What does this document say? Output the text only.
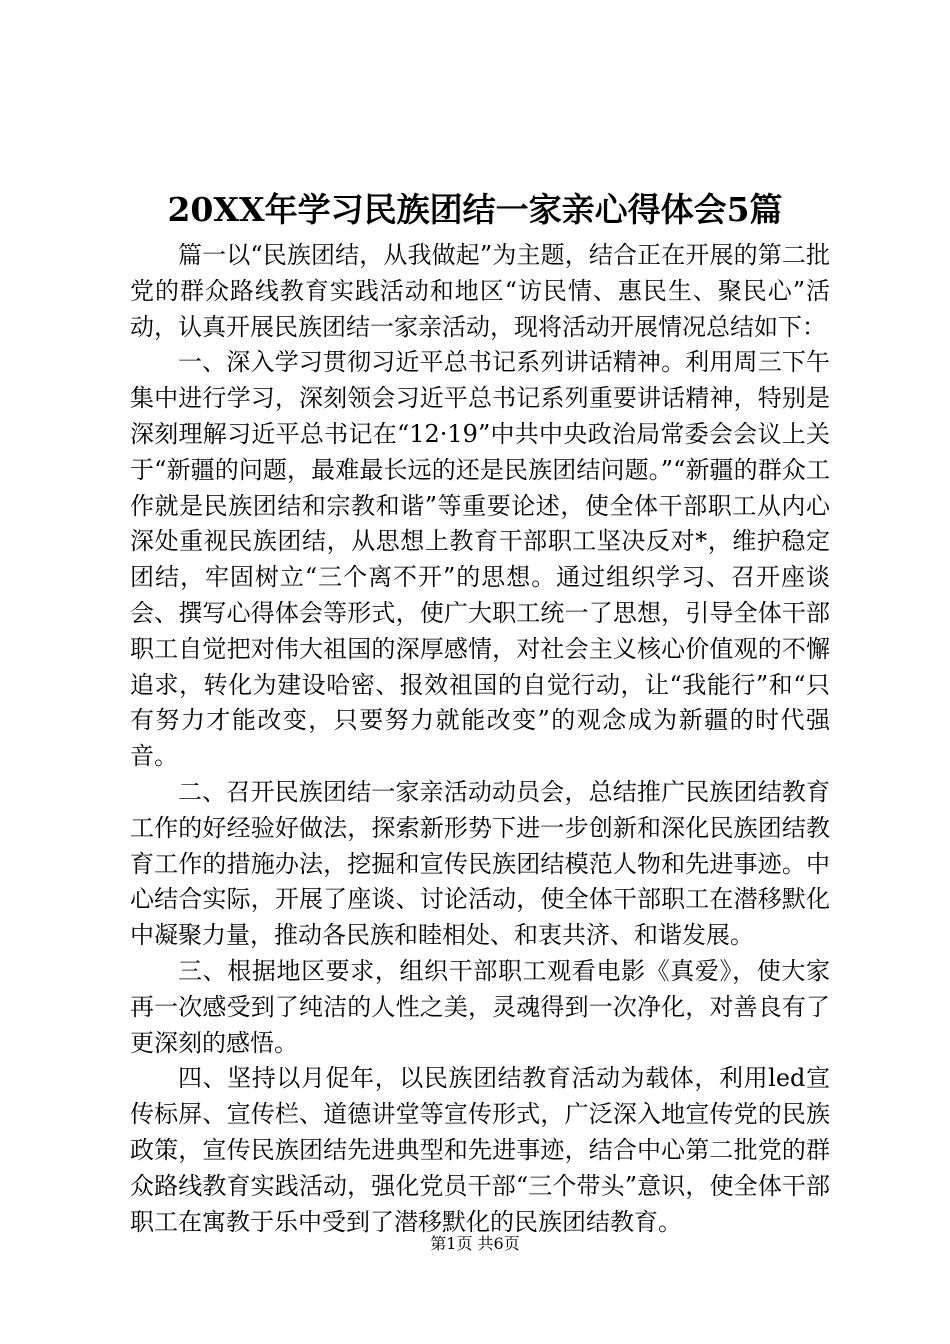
20XX年学习民族团结一家亲心得体会5篇

篇一以“民族团结，从我做起”为主题，结合正在开展的第二批党的群众路线教育实践活动和地区“访民情、惠民生、聚民心”活动，认真开展民族团结一家亲活动，现将活动开展情况总结如下：

一、深入学习贯彻习近平总书记系列讲话精神。利用周三下午集中进行学习，深刻领会习近平总书记系列重要讲话精神，特别是深刻理解习近平总书记在“12·19”中共中央政治局常委会会议上关于“新疆的问题，最难最长远的还是民族团结问题。”“新疆的群众工作就是民族团结和宗教和谐”等重要论述，使全体干部职工从内心深处重视民族团结，从思想上教育干部职工坚决反对*，维护稳定团结，牢固树立“三个离不开”的思想。通过组织学习、召开座谈会、撰写心得体会等形式，使广大职工统一了思想，引导全体干部职工自觉把对伟大祖国的深厚感情，对社会主义核心价值观的不懈追求，转化为建设哈密、报效祖国的自觉行动，让“我能行”和“只有努力才能改变，只要努力就能改变”的观念成为新疆的时代强音。

二、召开民族团结一家亲活动动员会，总结推广民族团结教育工作的好经验好做法，探索新形势下进一步创新和深化民族团结教育工作的措施办法，挖掘和宣传民族团结模范人物和先进事迹。中心结合实际，开展了座谈、讨论活动，使全体干部职工在潜移默化中凝聚力量，推动各民族和睦相处、和衷共济、和谐发展。

三、根据地区要求，组织干部职工观看电影《真爱》，使大家再一次感受到了纯洁的人性之美，灵魂得到一次净化，对善良有了更深刻的感悟。

四、坚持以月促年，以民族团结教育活动为载体，利用led宣传标屏、宣传栏、道德讲堂等宣传形式，广泛深入地宣传党的民族政策，宣传民族团结先进典型和先进事迹，结合中心第二批党的群众路线教育实践活动，强化党员干部“三个带头”意识，使全体干部职工在寓教于乐中受到了潜移默化的民族团结教育。

第1页 共6页
